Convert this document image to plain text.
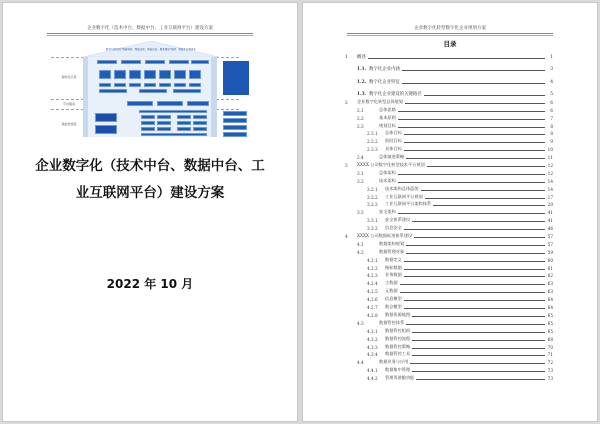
企业数字化（技术中台、数据中台、工业互联网平台）建设方案
数字化驱动的“智能制造、智能运营、智能决策、服务增值”服务 · 智能化运营体系
智能化应用
平台服务
基础设施层
企业数字化（技术中台、数据中台、工
业互联网平台）建设方案
2022 年 10 月
企业数字化转型数字化企业规划方案
目录
1	概述	1
1.1. 数字化企业内涵	3
1.2. 数字化企业特征	4
1.3. 数字化企业建设的关键路径	5
2	企业数字化转型总体规划	6
2.1	总体思路	6
2.2	基本原则	7
2.3	规划目标	8
2.3.1	总体目标	8
2.3.2	阶段目标	9
2.3.3	具体目标	10
2.4	总体演进策略	11
3	XXXX 公司数字化转型技术平台规划	12
3.1	总体架构	12
3.2	技术架构	14
3.2.1	技术架构总体蓝图	14
3.2.2	工业互联网平台规划	17
3.2.3	工业互联网平台架构体系	20
3.3	安全架构	41
3.3.1	安全体系建设	41
3.3.2	信息安全	46
4	XXXX 公司数据标准体系建设	57
4.1	数据架构规划	57
4.2	数据管理对象	59
4.2.1	数据定义	60
4.2.2	指标数据	61
4.2.3	业务数据	62
4.2.4	主数据	63
4.2.5	元数据	63
4.2.6	信息模型	64
4.2.7	数仓模型	64
4.2.8	数据资源地图	65
4.3	数据管控体系	65
4.3.1	数据管控组织	65
4.3.2	数据管控流程	68
4.3.3	数据管控策略	70
4.3.4	数据管控工具	71
4.4	数据业务与应用	72
4.4.1	数据集中管理	73
4.4.2	管理驾驶舱功能	73
